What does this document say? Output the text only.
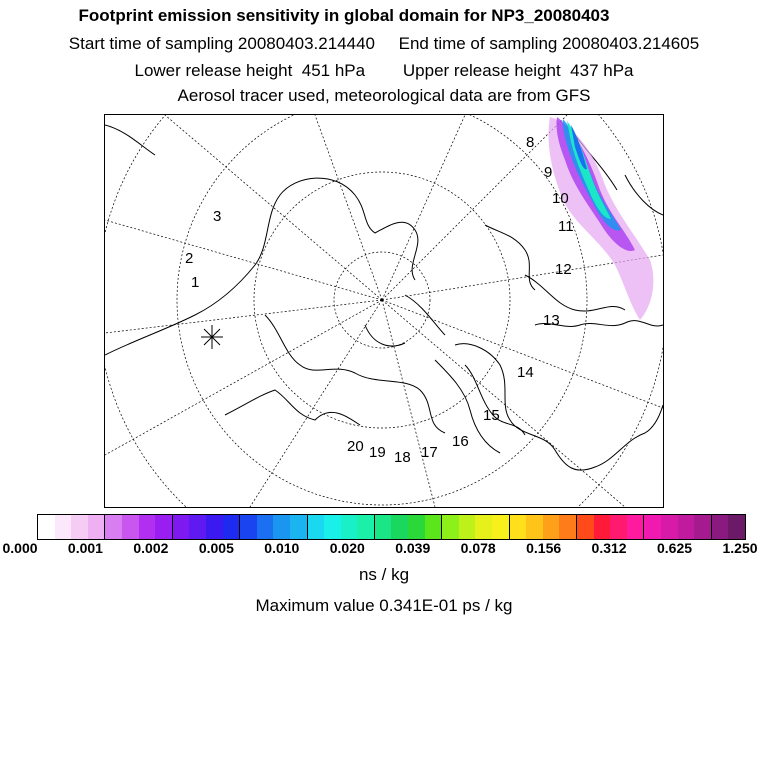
Footprint emission sensitivity in global domain for NP3_20080403
Start time of sampling 20080403.214440     End time of sampling 20080403.214605
Lower release height  451 hPa        Upper release height  437 hPa
Aerosol tracer used, meteorological data are from GFS
1
2
3
8
9
10
11
12
13
14
15
16
17
18
19
20
0.000 0.001 0.002 0.005 0.010 0.020 0.039 0.078 0.156 0.312 0.625 1.250
ns / kg
Maximum value 0.341E-01 ps / kg
